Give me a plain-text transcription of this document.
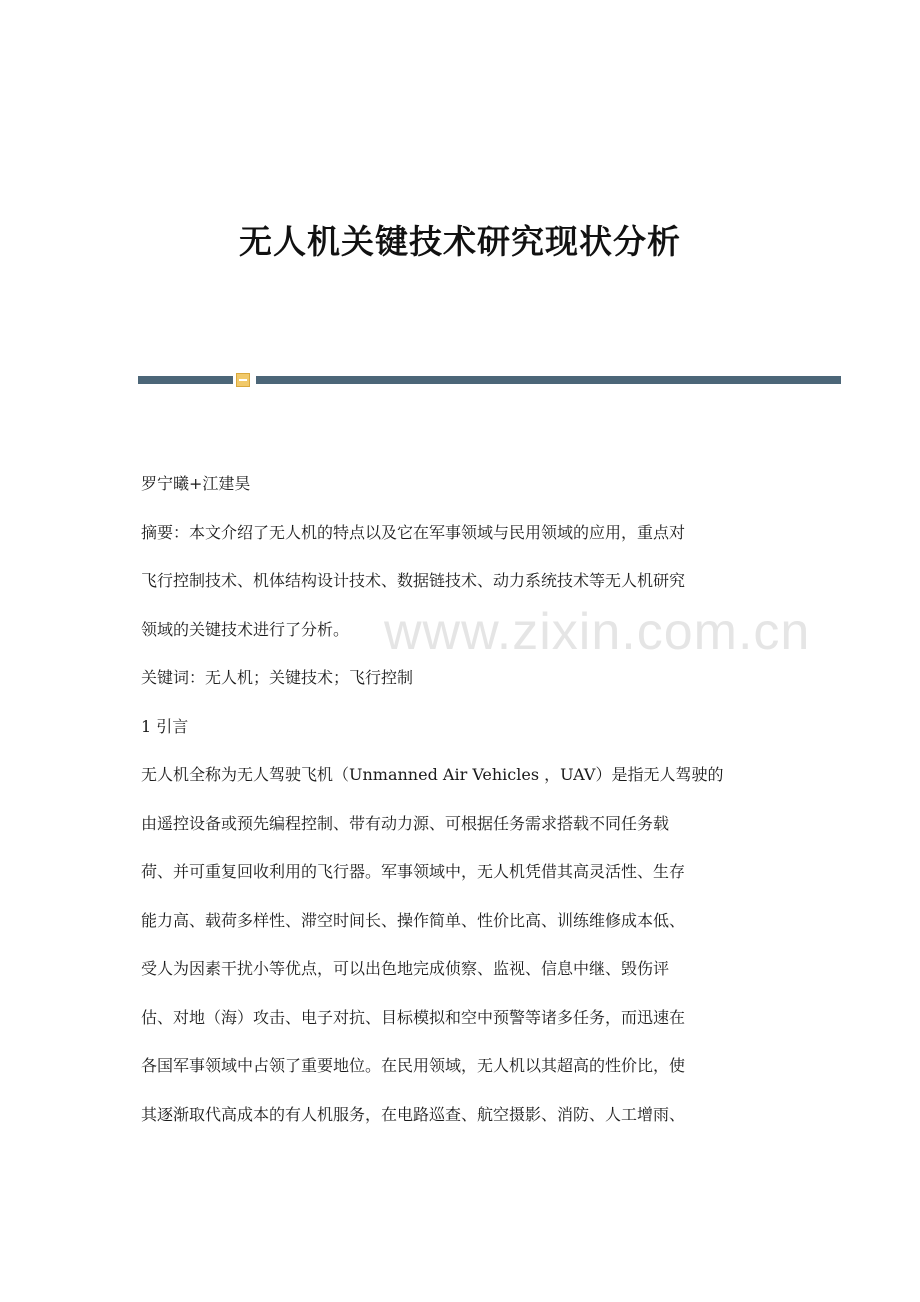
无人机关键技术研究现状分析
www.zixin.com.cn
罗宁曦+江建昊
摘要：本文介绍了无人机的特点以及它在军事领域与民用领域的应用，重点对
飞行控制技术、机体结构设计技术、数据链技术、动力系统技术等无人机研究
领域的关键技术进行了分析。
关键词：无人机；关键技术；飞行控制
1 引言
无人机全称为无人驾驶飞机（Unmanned Air Vehicles ，UAV）是指无人驾驶的
由遥控设备或预先编程控制、带有动力源、可根据任务需求搭载不同任务载
荷、并可重复回收利用的飞行器。军事领域中，无人机凭借其高灵活性、生存
能力高、载荷多样性、滞空时间长、操作简单、性价比高、训练维修成本低、
受人为因素干扰小等优点，可以出色地完成侦察、监视、信息中继、毁伤评
估、对地（海）攻击、电子对抗、目标模拟和空中预警等诸多任务，而迅速在
各国军事领域中占领了重要地位。在民用领域，无人机以其超高的性价比，使
其逐渐取代高成本的有人机服务，在电路巡查、航空摄影、消防、人工增雨、
